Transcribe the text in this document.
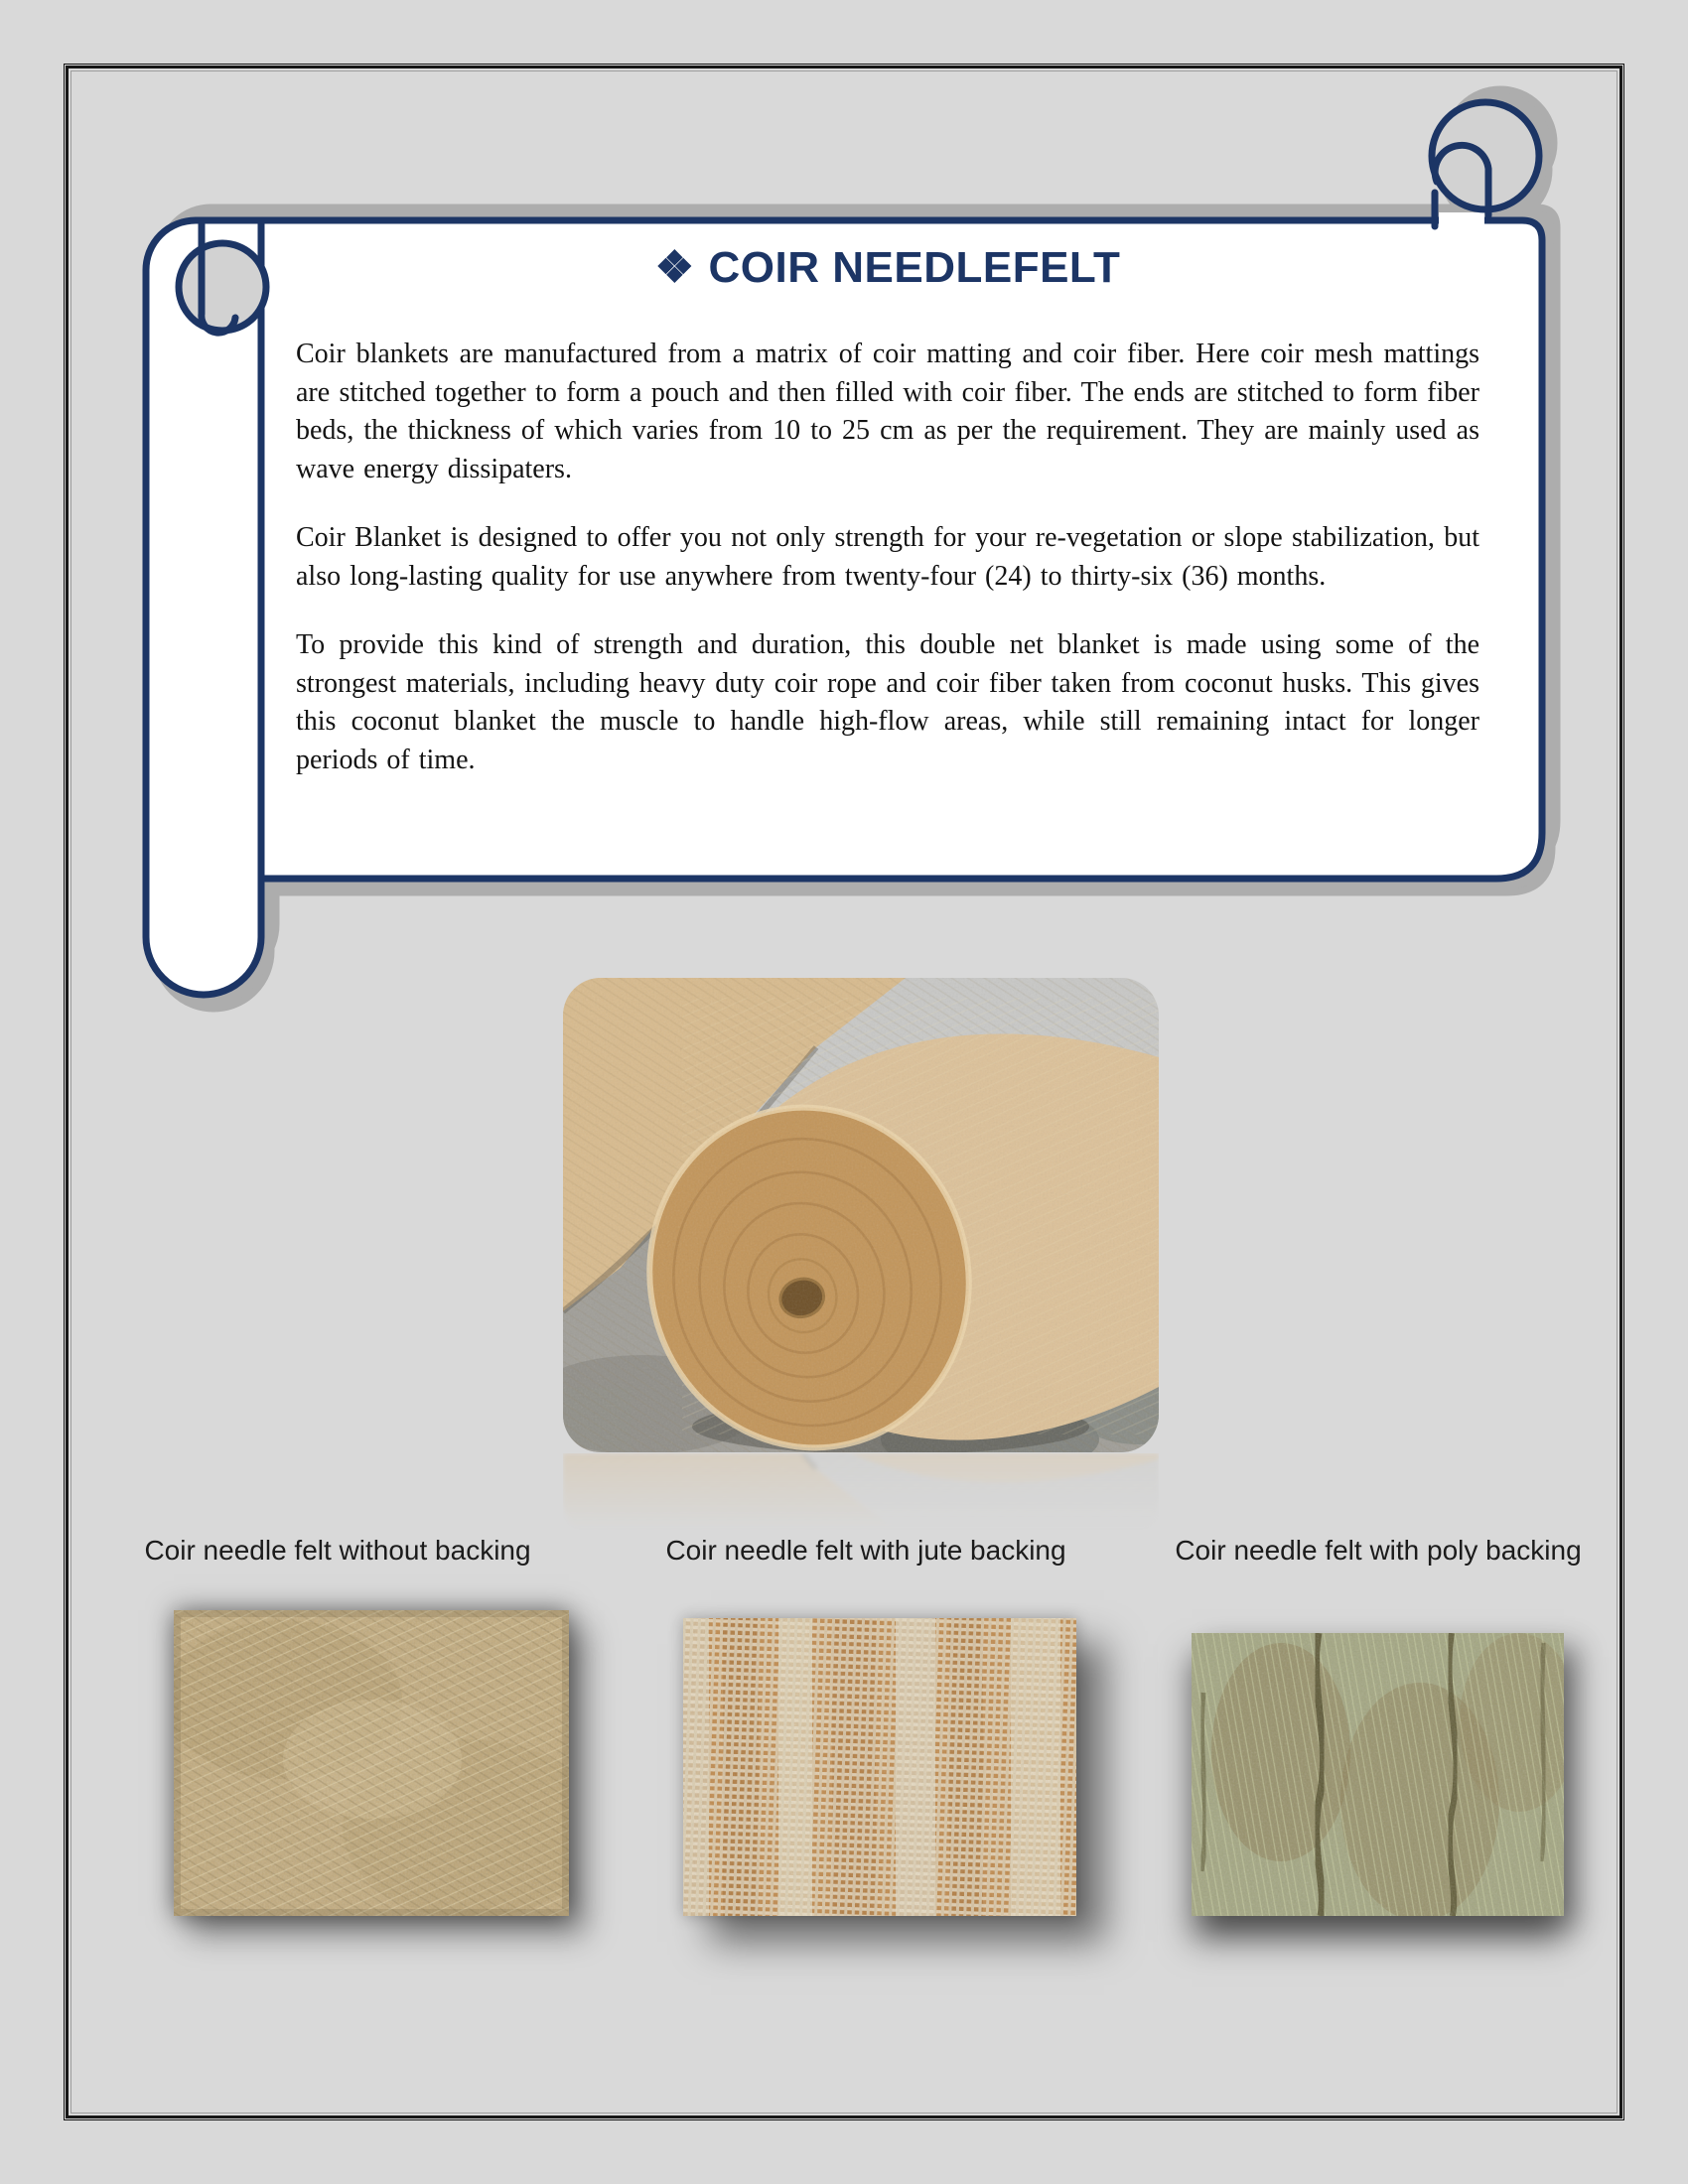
❖ COIR NEEDLEFELT

Coir blankets are manufactured from a matrix of coir matting and coir fiber. Here coir mesh mattings are stitched together to form a pouch and then filled with coir fiber. The ends are stitched to form fiber beds, the thickness of which varies from 10 to 25 cm as per the requirement. They are mainly used as wave energy dissipaters.

Coir Blanket is designed to offer you not only strength for your re-vegetation or slope stabilization, but also long-lasting quality for use anywhere from twenty-four (24) to thirty-six (36) months.

To provide this kind of strength and duration, this double net blanket is made using some of the strongest materials, including heavy duty coir rope and coir fiber taken from coconut husks. This gives this coconut blanket the muscle to handle high-flow areas, while still remaining intact for longer periods of time.

Coir needle felt without backing	Coir needle felt with jute backing	Coir needle felt with poly backing
